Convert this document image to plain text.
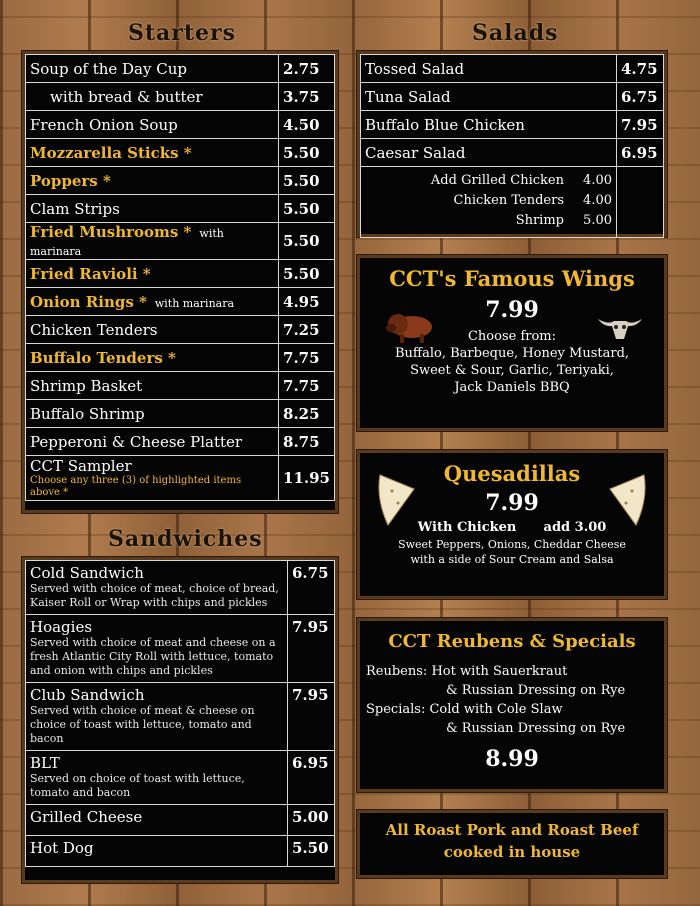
Starters
Soup of the Day Cup	2.75
with bread & butter	3.75
French Onion Soup	4.50
Mozzarella Sticks *	5.50
Poppers *	5.50
Clam Strips	5.50
Fried Mushrooms * with marinara	5.50
Fried Ravioli *	5.50
Onion Rings * with marinara	4.95
Chicken Tenders	7.25
Buffalo Tenders *	7.75
Shrimp Basket	7.75
Buffalo Shrimp	8.25
Pepperoni & Cheese Platter	8.75
CCT Sampler
Choose any three (3) of highlighted items above *	11.95
Sandwiches
Cold Sandwich
Served with choice of meat, choice of bread, Kaiser Roll or Wrap with chips and pickles	6.75

Hoagies
Served with choice of meat and cheese on a fresh Atlantic City Roll with lettuce, tomato and onion with chips and pickles	7.95

Club Sandwich
Served with choice of meat & cheese on choice of toast with lettuce, tomato and bacon	7.95

BLT
Served on choice of toast with lettuce, tomato and bacon	6.95

Grilled Cheese	5.00

Hot Dog	5.50
Salads
Tossed Salad	4.75
Tuna Salad	6.75
Buffalo Blue Chicken	7.95
Caesar Salad	6.95

Add Grilled Chicken 4.00
Chicken Tenders 4.00
Shrimp 5.00	

CCT's Famous Wings
7.99
Choose from:
Buffalo, Barbeque, Honey Mustard,
Sweet & Sour, Garlic, Teriyaki,
Jack Daniels BBQ
Quesadillas
7.99
With Chicken add 3.00
Sweet Peppers, Onions, Cheddar Cheese
with a side of Sour Cream and Salsa
CCT Reubens & Specials
Reubens: Hot with Sauerkraut
& Russian Dressing on Rye
Specials: Cold with Cole Slaw
& Russian Dressing on Rye
8.99
All Roast Pork and Roast Beef
cooked in house
